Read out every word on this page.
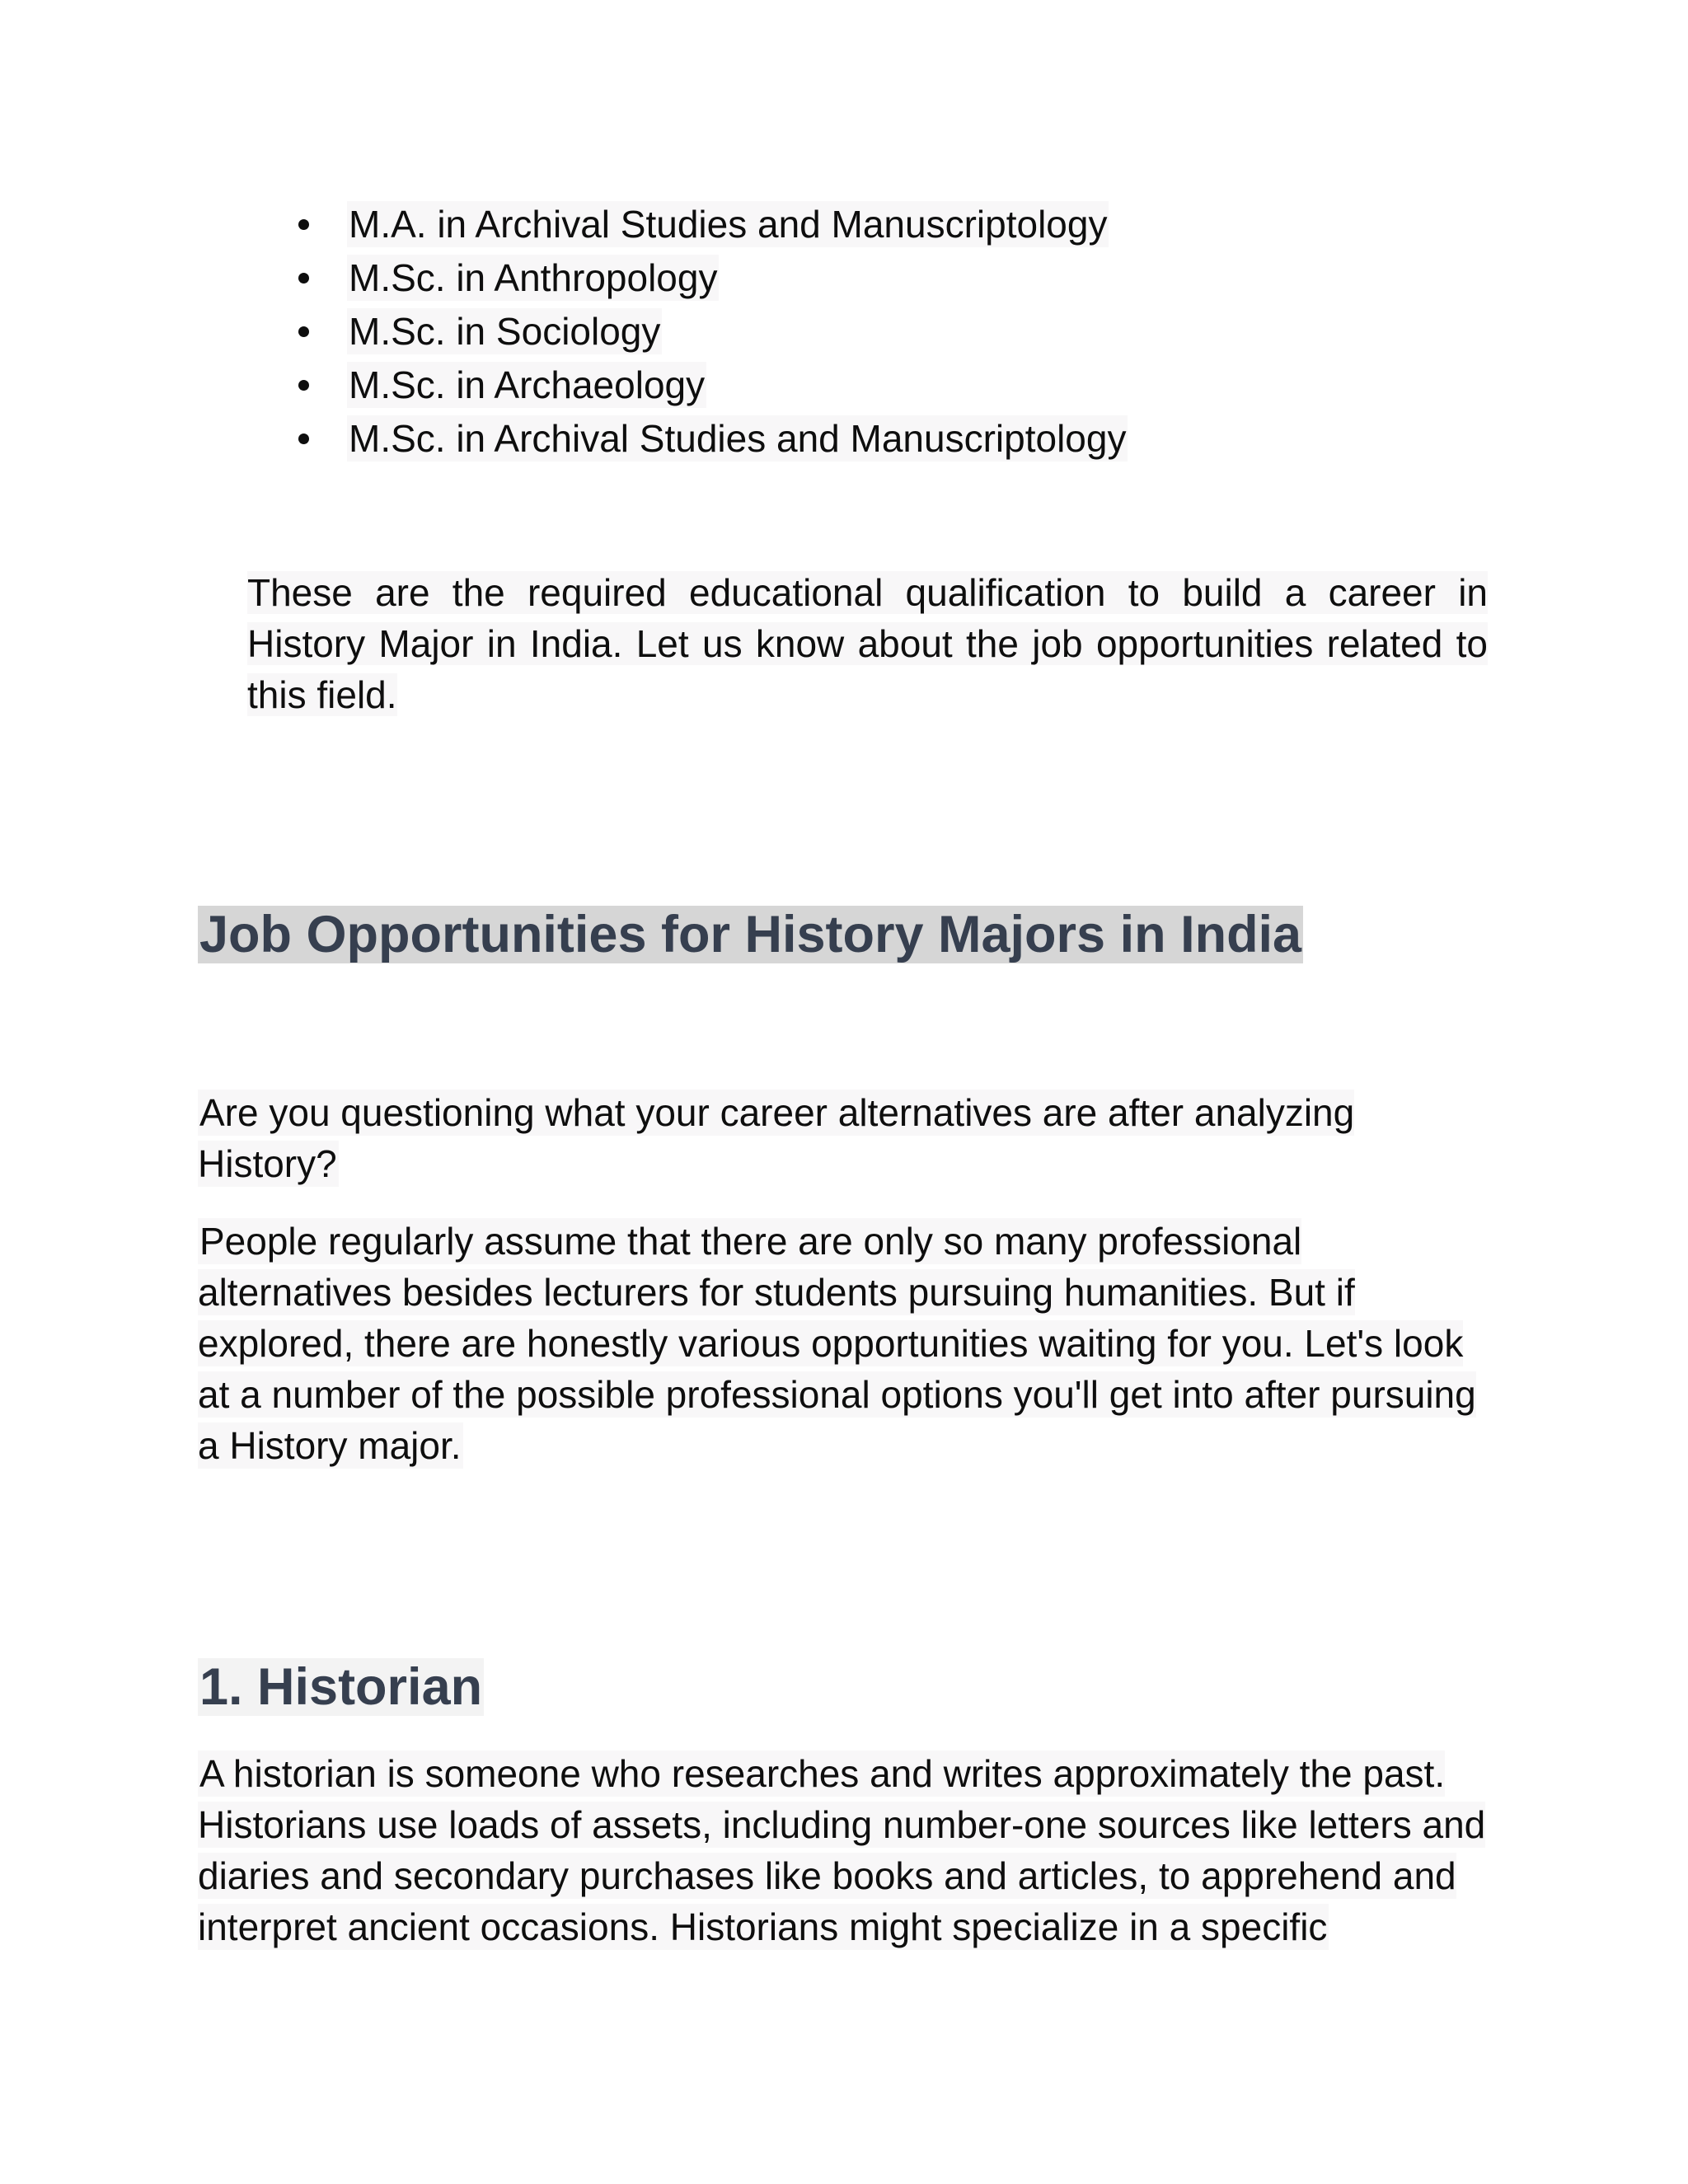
M.A. in Archival Studies and Manuscriptology
M.Sc. in Anthropology
M.Sc. in Sociology
M.Sc. in Archaeology
M.Sc. in Archival Studies and Manuscriptology

These are the required educational qualification to build a career in History Major in India. Let us know about the job opportunities related to this field.

Job Opportunities for History Majors in India

Are you questioning what your career alternatives are after analyzing History?

People regularly assume that there are only so many professional alternatives besides lecturers for students pursuing humanities. But if explored, there are honestly various opportunities waiting for you. Let's look at a number of the possible professional options you'll get into after pursuing a History major.

1. Historian

A historian is someone who researches and writes approximately the past. Historians use loads of assets, including number-one sources like letters and diaries and secondary purchases like books and articles, to apprehend and interpret ancient occasions. Historians might specialize in a specific
